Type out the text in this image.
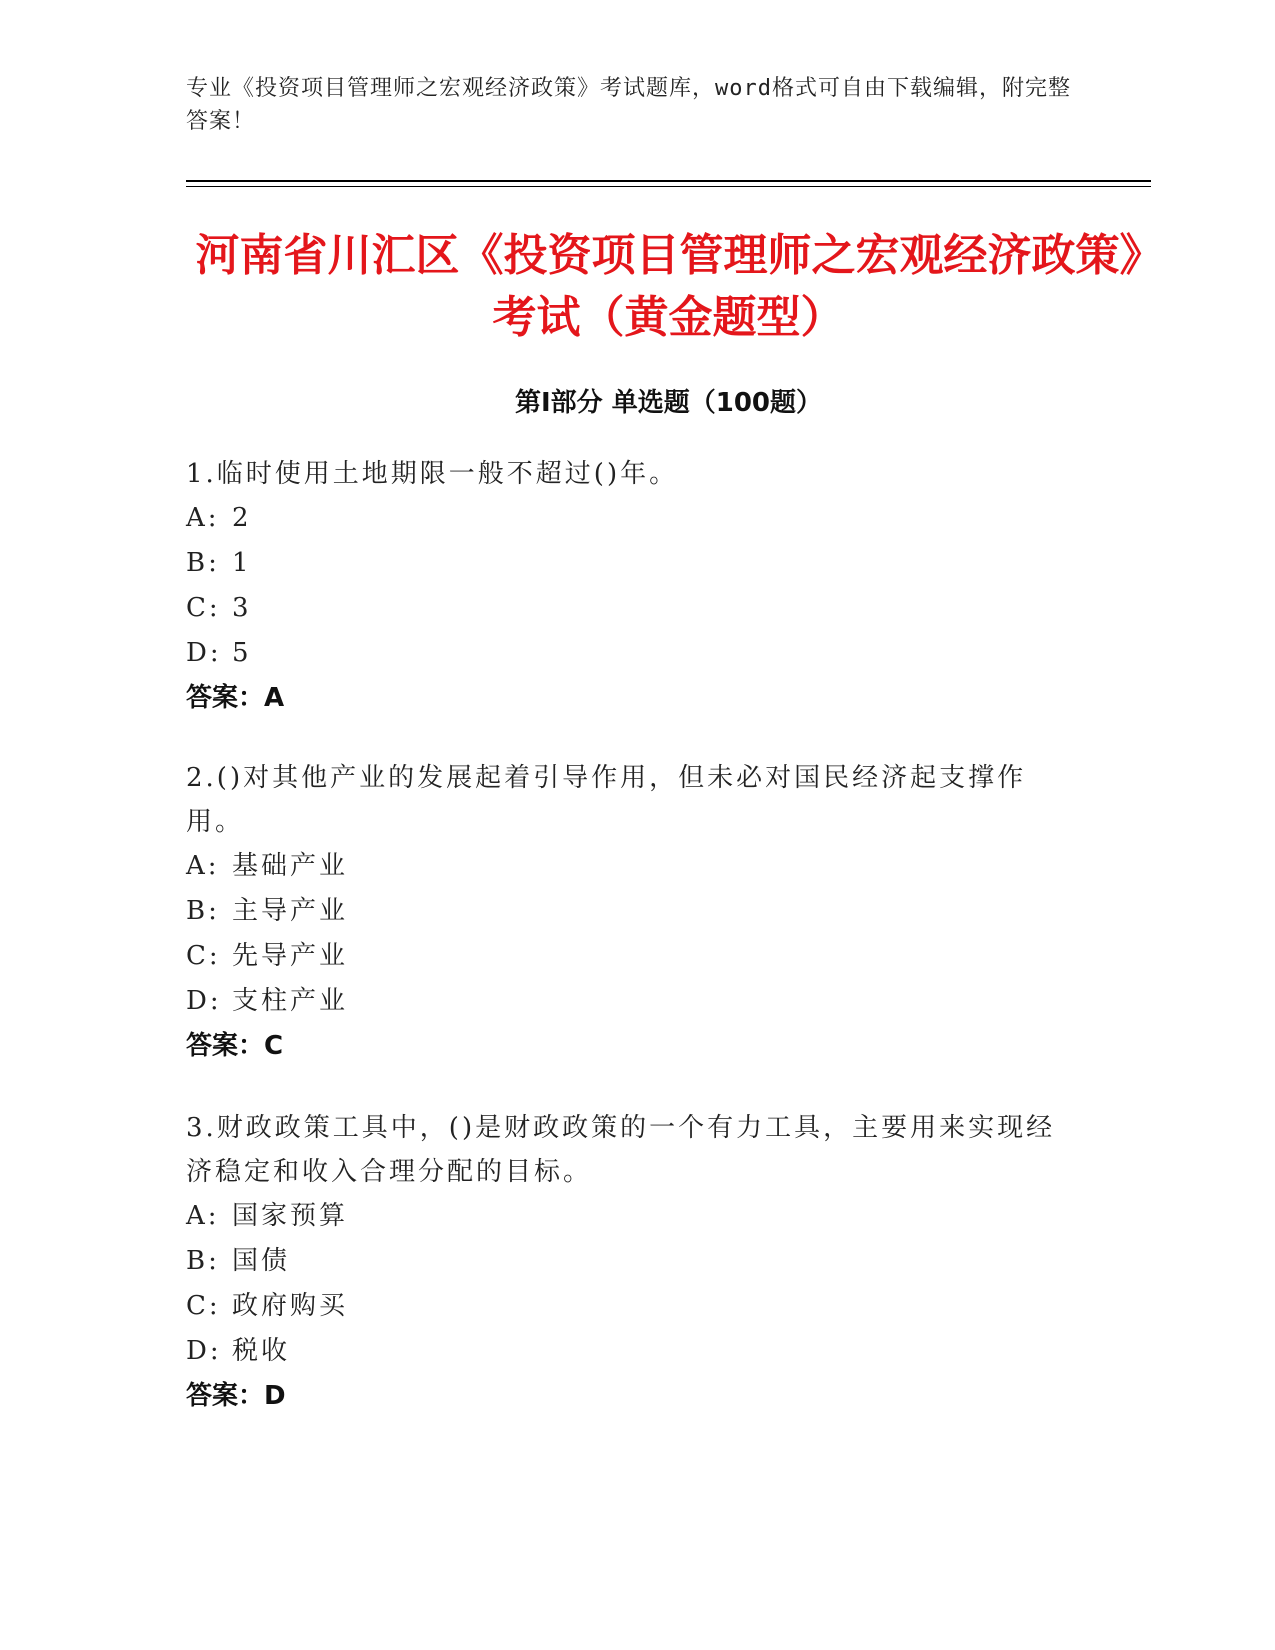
专业《投资项目管理师之宏观经济政策》考试题库，word格式可自由下载编辑，附完整答案！
河南省川汇区《投资项目管理师之宏观经济政策》考试（黄金题型）
第I部分 单选题（100题）
1.临时使用土地期限一般不超过()年。
A: 2
B: 1
C: 3
D: 5
答案：A
2.()对其他产业的发展起着引导作用，但未必对国民经济起支撑作用。
A: 基础产业
B: 主导产业
C: 先导产业
D: 支柱产业
答案：C
3.财政政策工具中，()是财政政策的一个有力工具，主要用来实现经济稳定和收入合理分配的目标。
A: 国家预算
B: 国债
C: 政府购买
D: 税收
答案：D
